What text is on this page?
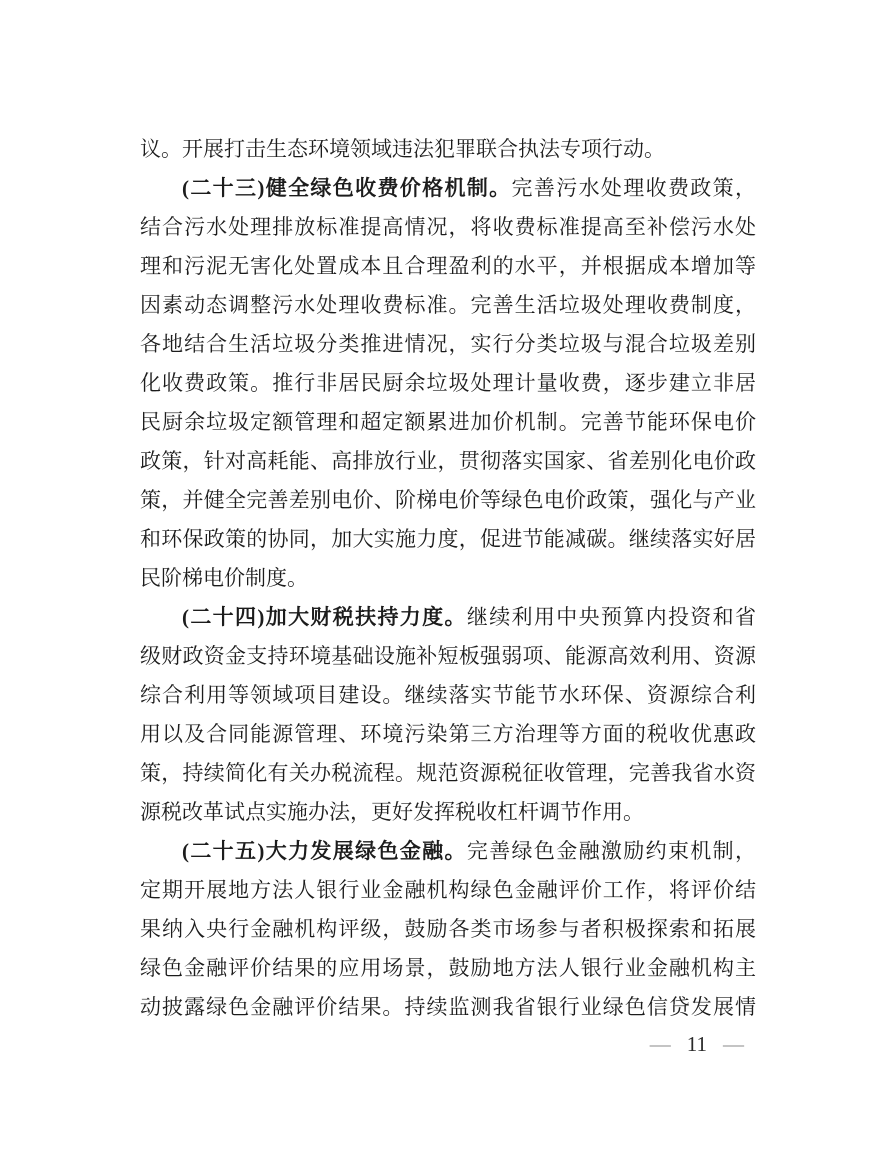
议。开展打击生态环境领域违法犯罪联合执法专项行动。
(二十三)健全绿色收费价格机制。完善污水处理收费政策，
结合污水处理排放标准提高情况，将收费标准提高至补偿污水处
理和污泥无害化处置成本且合理盈利的水平，并根据成本增加等
因素动态调整污水处理收费标准。完善生活垃圾处理收费制度，
各地结合生活垃圾分类推进情况，实行分类垃圾与混合垃圾差别
化收费政策。推行非居民厨余垃圾处理计量收费，逐步建立非居
民厨余垃圾定额管理和超定额累进加价机制。完善节能环保电价
政策，针对高耗能、高排放行业，贯彻落实国家、省差别化电价政
策，并健全完善差别电价、阶梯电价等绿色电价政策，强化与产业
和环保政策的协同，加大实施力度，促进节能减碳。继续落实好居
民阶梯电价制度。
(二十四)加大财税扶持力度。继续利用中央预算内投资和省
级财政资金支持环境基础设施补短板强弱项、能源高效利用、资源
综合利用等领域项目建设。继续落实节能节水环保、资源综合利
用以及合同能源管理、环境污染第三方治理等方面的税收优惠政
策，持续简化有关办税流程。规范资源税征收管理，完善我省水资
源税改革试点实施办法，更好发挥税收杠杆调节作用。
(二十五)大力发展绿色金融。完善绿色金融激励约束机制，
定期开展地方法人银行业金融机构绿色金融评价工作，将评价结
果纳入央行金融机构评级，鼓励各类市场参与者积极探索和拓展
绿色金融评价结果的应用场景，鼓励地方法人银行业金融机构主
动披露绿色金融评价结果。持续监测我省银行业绿色信贷发展情
— 11 —
